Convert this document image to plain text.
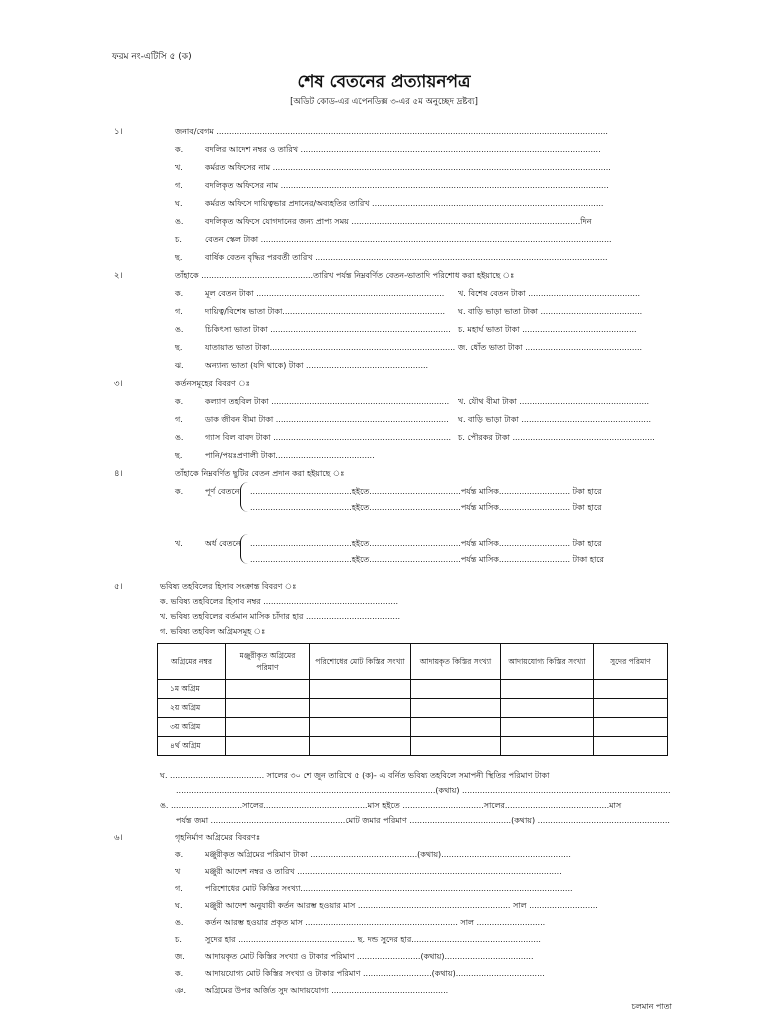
ফরম নং-এটিসি ৫ (ক)
শেষ বেতনের প্রত্যায়নপত্র
[অডিট কোড-এর এপেনডিক্স ৩-এর ৫ম অনুচ্ছেদ দ্রষ্টব্য]
১।	জনাব/বেগম ..........................................................................................................................................................
ক.	বদলির আদেশ নম্বর ও তারিখ ......................................................................................................................
খ.	কর্মরত অফিসের নাম .....................................................................................................................................
গ.	বদলিকৃত অফিসের নাম .................................................................................................................................
ঘ.	কর্মরত অফিসে দায়িত্বভার প্রদানের/অব্যহতির তারিখ ...........................................................................................
ঙ.	বদলিকৃত অফিসে যোগদানের জন্য প্রাপ্য সময় ..........................................................................................দিন
চ.	বেতন স্কেল টাকা ..........................................................................................................................................
ছ.	বার্ষিক বেতন বৃদ্ধির পরবর্তী তারিখ ...................................................................................................................
২।	তাঁহাকে ............................................তারিখ পর্যন্ত নিম্নবর্ণিত বেতন-ভাতাদি পরিশোধ করা হইয়াছে ঃ
ক.	মূল বেতন টাকা .......................................................................... খ. বিশেষ বেতন টাকা ............................................
গ.	দায়িত্ব/বিশেষ ভাতা টাকা................................................................ ঘ. বাড়ি ভাড়া ভাতা টাকা ........................................
ঙ.	চিকিৎসা ভাতা টাকা ....................................................................... চ. মহার্ঘ ভাতা টাকা .............................................
ছ.	যাতায়াত ভাতা টাকা......................................................................... জ. ধোঁত ভাতা টাকা ..............................................
ঝ.	অন্যান্য ভাতা (যদি থাকে) টাকা ................................................
৩।	কর্তনসমূহের বিবরণ ঃ
ক.	কল্যাণ তহবিল টাকা ...................................................................... খ. যৌথ বীমা টাকা ...................................................
গ.	ডাক জীবন বীমা টাকা .................................................................... ঘ. বাড়ি ভাড়া টাকা ...................................................
ঙ.	গ্যাস বিল বাবদ টাকা ...................................................................... চ. পৌরকর টাকা ........................................................
ছ.	পানি/পয়ঃপ্রণালী টাকা.......................................
৪।	তাঁহাকে নিম্নবর্ণিত ছুটির বেতন প্রদান করা হইয়াছে ঃ
ক.	পূর্ণ বেতনে ........................................হইতে....................................পর্যন্ত মাসিক............................ টকা হারে
........................................হইতে....................................পর্যন্ত মাসিক............................ টকা হারে
খ.	অর্ধ বেতনে ........................................হইতে....................................পর্যন্ত মাসিক............................ টকা হারে
........................................হইতে....................................পর্যন্ত মাসিক............................ টাকা হারে
৫।	ভবিষ্য তহবিলের হিসাব সংক্রান্ত বিবরণ ঃ
ক. ভবিষ্য তহবিলের হিসাব নম্বর .....................................................
খ. ভবিষ্য তহবিলের বর্তমান মাসিক চাঁদার হার .....................................
গ. ভবিষ্য তহবিল অগ্রিমসমূহ ঃ
অগ্রিমের নম্বর	মঞ্জুরীকৃত অগ্রিমের পরিমাণ	পরিশোধের মোট কিস্তির সংখ্যা	আদায়কৃত কিস্তির সংখ্যা	আদায়যোগ্য কিস্তির সংখ্যা	সুদের পরিমাণ
১ম অগ্রিম					
২য় অগ্রিম					
৩য় অগ্রিম					
৪র্থ অগ্রিম					
ঘ. ..................................... সালের ৩০ শে জুন তারিখে ৫ (ক)- এ বর্নিত ভবিষ্য তহবিলে সমাপনী স্থিতির পরিমাণ টাকা
......................................................................................................(কথায়) ..................................................................................
ঙ. ............................সালের.........................................মাস হইতে ................................সালের.........................................মাস
পর্যন্ত জমা .....................................................মোট জমার পরিমাণ ........................................(কথায়) ....................................................
৬।	গৃহনির্মাণ অগ্রিমের বিবরণঃ
ক.	মঞ্জুরীকৃত অগ্রিমের পরিমাণ টাকা ..........................................(কথায়)...................................................
খ	মঞ্জুরী আদেশ নম্বর ও তারিখ ........................................................................................................
গ.	পরিশোধের মোট কিস্তির সংখ্যা...........................................................................................................
ঘ.	মঞ্জুরী আদেশ অনুযায়ী কর্তন আরম্ভ হওয়ার মাস ............................................................ সাল ...........................
ঙ.	কর্তন আরম্ভ হওয়ার প্রকৃত মাস ............................................................ সাল ...........................
চ.	সুদের হার .............................................. ছ. দন্ড সুদের হার...................................................
জ.	আদায়কৃত মোট কিস্তির সংখ্যা ও টাকার পরিমাণ .........................(কথায়)...................................
ক.	আদায়যোগ্য মোট কিস্তির সংখ্যা ও টাকার পরিমাণ ...........................(কথায়)...................................
ঞ. অগ্রিমের উপর অর্জিত সুদ আদায়যোগ্য ..............................................
চলমান পাতা
